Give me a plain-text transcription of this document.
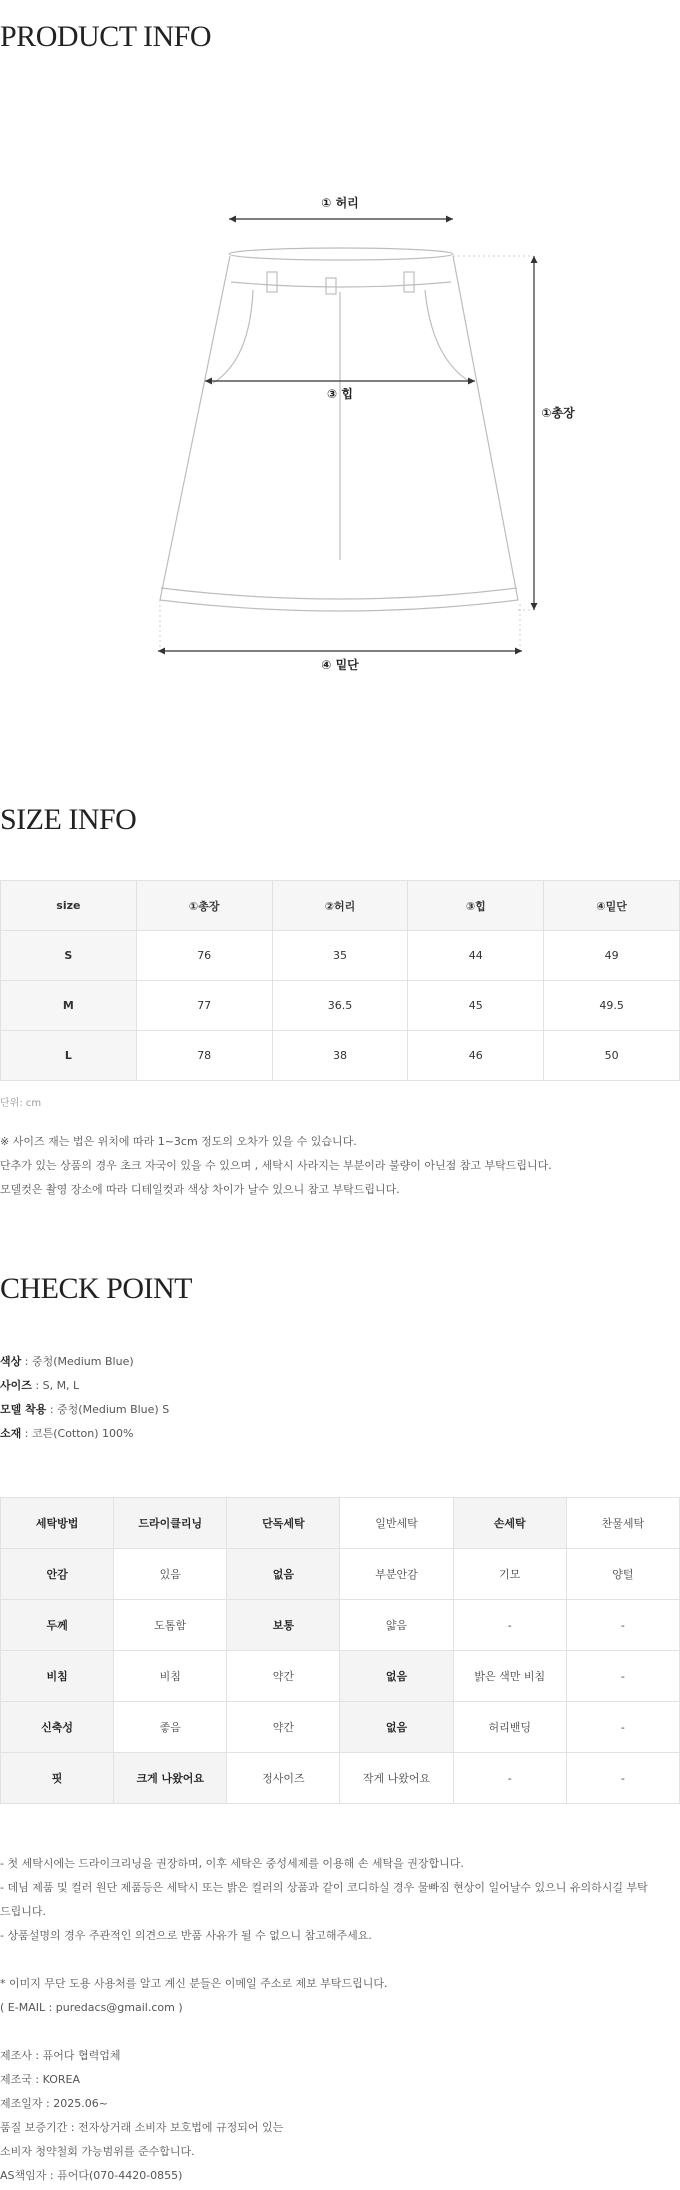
PRODUCT INFO
① 허리
③ 힙
①총장
④ 밑단
SIZE INFO
size	①총장	②허리	③힙	④밑단
S	76	35	44	49
M	77	36.5	45	49.5
L	78	38	46	50
단위: cm

※ 사이즈 재는 법은 위치에 따라 1~3cm 정도의 오차가 있을 수 있습니다.

단추가 있는 상품의 경우 초크 자국이 있을 수 있으며 , 세탁시 사라지는 부분이라 불량이 아닌점 참고 부탁드립니다.

모델컷은 촬영 장소에 따라 디테일컷과 색상 차이가 날수 있으니 참고 부탁드립니다.

CHECK POINT

색상 : 중청(Medium Blue)

사이즈 : S, M, L

모델 착용 : 중청(Medium Blue) S

소재 : 코튼(Cotton) 100%

세탁방법	드라이클리닝	단독세탁	일반세탁	손세탁	찬물세탁
안감	있음	없음	부분안감	기모	양털
두께	도톰함	보통	얇음	-	-
비침	비침	약간	없음	밝은 색만 비침	-
신축성	좋음	약간	없음	허리밴딩	-
핏	크게 나왔어요	정사이즈	작게 나왔어요	-	-

- 첫 세탁시에는 드라이크리닝을 권장하며, 이후 세탁은 중성세제를 이용해 손 세탁을 권장합니다.

- 데님 제품 및 컬러 원단 제품등은 세탁시 또는 밝은 컬러의 상품과 같이 코디하실 경우 물빠짐 현상이 일어날수 있으니 유의하시길 부탁

드립니다.

- 상품설명의 경우 주관적인 의견으로 반품 사유가 될 수 없으니 참고해주세요.

* 이미지 무단 도용 사용처를 알고 계신 분들은 이메일 주소로 제보 부탁드립니다.

( E-MAIL : puredacs@gmail.com )

제조사 : 퓨어다 협력업체

제조국 : KOREA

제조일자 : 2025.06~

품질 보증기간 : 전자상거래 소비자 보호법에 규정되어 있는

소비자 청약철회 가능범위를 준수합니다.

AS책임자 : 퓨어다(070-4420-0855)
